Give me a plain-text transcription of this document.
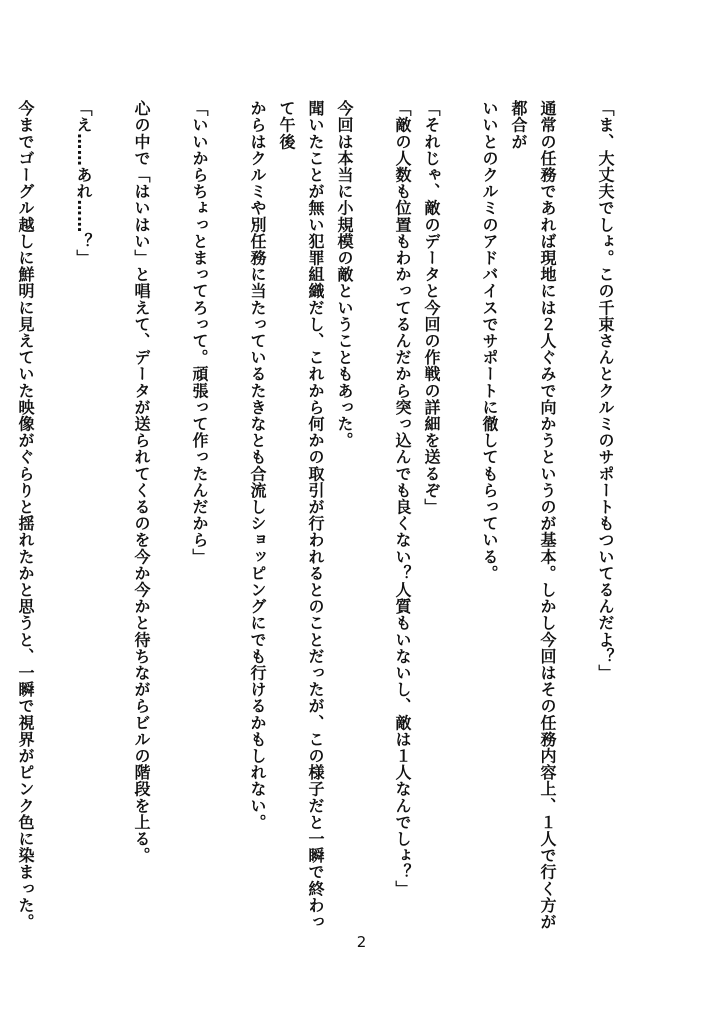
「ま、大丈夫でしょ。この千束さんとクルミのサポートもついてるんだよ？」

通常の任務であれば現地には２人ぐみで向かうというのが基本。しかし今回はその任務内容上、１人で行く方が都合が
いいとのクルミのアドバイスでサポートに徹してもらっている。

「それじゃ、敵のデータと今回の作戦の詳細を送るぞ」

「敵の人数も位置もわかってるんだから突っ込んでも良くない？人質もいないし、敵は１人なんでしょ？」

今回は本当に小規模の敵ということもあった。

聞いたことが無い犯罪組織だし、これから何かの取引が行われるとのことだったが、この様子だと一瞬で終わって午後
からはクルミや別任務に当たっているたきなとも合流しショッピングにでも行けるかもしれない。

「いいからちょっとまってろって。頑張って作ったんだから」

心の中で「はいはい」と唱えて、データが送られてくるのを今か今かと待ちながらビルの階段を上る。

「え……あれ……？」

今までゴーグル越しに鮮明に見えていた映像がぐらりと揺れたかと思うと、一瞬で視界がピンク色に染まった。

2
